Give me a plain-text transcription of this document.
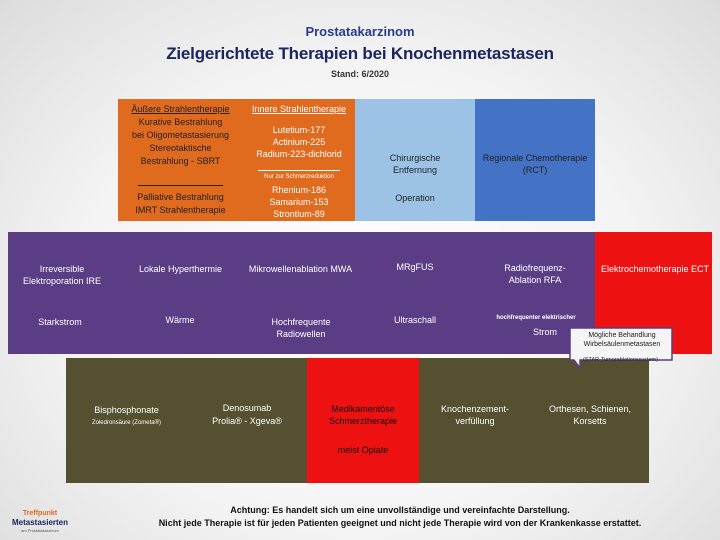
Prostatakarzinom
Zielgerichtete Therapien bei Knochenmetastasen
Stand: 6/2020
Äußere Strahlentherapie
Kurative Bestrahlung
bei Oligometastasierung
Stereotaktische
Bestrahlung - SBRT
Palliative Bestrahlung
IMRT Strahlentherapie
Innere Strahlentherapie
Lutetium-177
Actinium-225
Radium-223-dichlorid
Nur zur Schmerzreduktion
Rhenium-186
Samarium-153
Strontium-89
Chirurgische Entfernung
Operation
Regionale Chemotherapie (RCT)
Irreversible Elektroporation IRE
Starkstrom
Lokale Hyperthermie
Wärme
Mikrowellenablation MWA
Hochfrequente Radiowellen
MRgFUS
Ultraschall
Radiofrequenz-Ablation RFA
hochfrequenter elektrischer
Strom
Elektrochemotherapie ECT
Mögliche Behandlung Wirbelsäulenmetastasen
(STAR-Tumorablationssystem)
Bisphosphonate
Zoledronsäure (Zometa®)
Denosumab
Prolia® - Xgeva®
Medikamentöse Schmerztherapie
meist Opiate
Knochenzement-verfüllung
Orthesen, Schienen, Korsetts
Treffpunkt
Metastasierten
am Prostatakarzinom
Achtung: Es handelt sich um eine unvollständige und vereinfachte Darstellung.
Nicht jede Therapie ist für jeden Patienten geeignet und nicht jede Therapie wird von der Krankenkasse erstattet.
